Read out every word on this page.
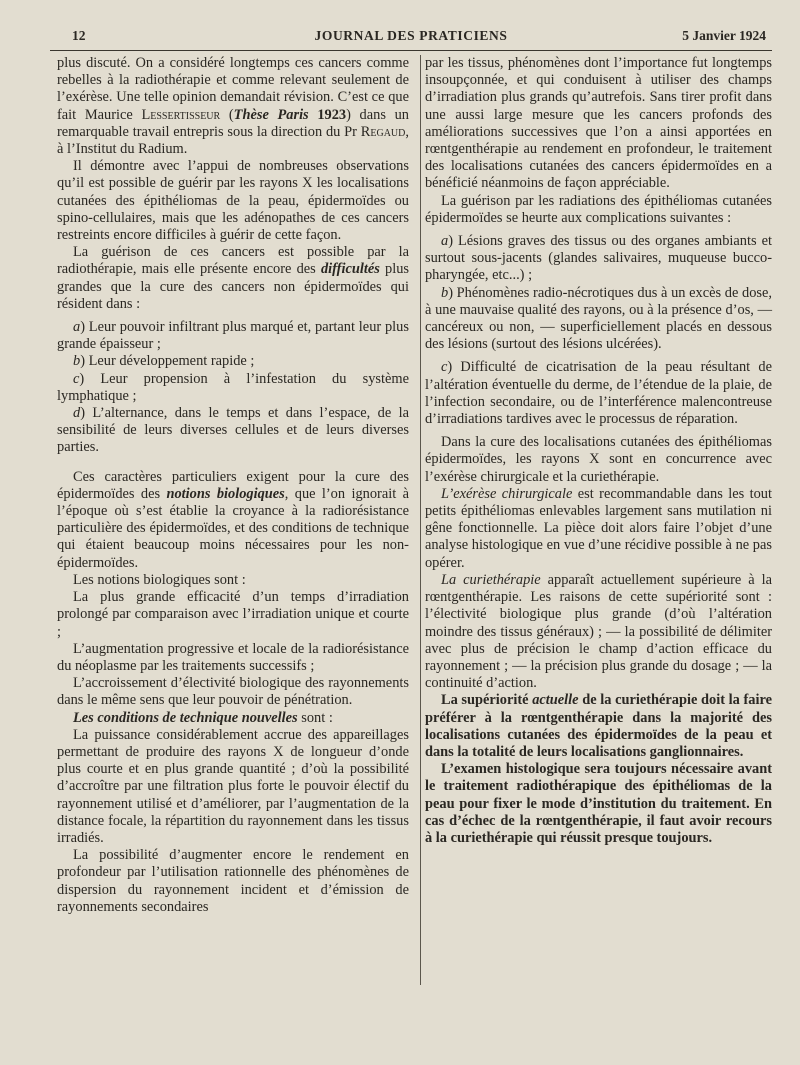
12	JOURNAL DES PRATICIENS	5 Janvier 1924

plus discuté. On a considéré longtemps ces cancers comme rebelles à la radiothérapie et comme relevant seulement de l’exérèse. Une telle opinion demandait révision. C’est ce que fait Maurice Lessertisseur (Thèse Paris 1923) dans un remarquable travail entrepris sous la direction du Pr Regaud, à l’Institut du Radium.

Il démontre avec l’appui de nombreuses observations qu’il est possible de guérir par les rayons X les localisations cutanées des épithéliomas de la peau, épidermoïdes ou spino-cellulaires, mais que les adénopathes de ces cancers restreints encore difficiles à guérir de cette façon.

La guérison de ces cancers est possible par la radiothérapie, mais elle présente encore des difficultés plus grandes que la cure des cancers non épidermoïdes qui résident dans :

a) Leur pouvoir infiltrant plus marqué et, partant leur plus grande épaisseur ;

b) Leur développement rapide ;

c) Leur propension à l’infestation du système lymphatique ;

d) L’alternance, dans le temps et dans l’espace, de la sensibilité de leurs diverses cellules et de leurs diverses parties.

Ces caractères particuliers exigent pour la cure des épidermoïdes des notions biologiques, que l’on ignorait à l’époque où s’est établie la croyance à la radiorésistance particulière des épidermoïdes, et des conditions de technique qui étaient beaucoup moins nécessaires pour les non-épidermoïdes.

Les notions biologiques sont :

La plus grande efficacité d’un temps d’irradiation prolongé par comparaison avec l’irradiation unique et courte ;

L’augmentation progressive et locale de la radiorésistance du néoplasme par les traitements successifs ;

L’accroissement d’électivité biologique des rayonnements dans le même sens que leur pouvoir de pénétration.

Les conditions de technique nouvelles sont :

La puissance considérablement accrue des appareillages permettant de produire des rayons X de longueur d’onde plus courte et en plus grande quantité ; d’où la possibilité d’accroître par une filtration plus forte le pouvoir électif du rayonnement utilisé et d’améliorer, par l’augmentation de la distance focale, la répartition du rayonnement dans les tissus irradiés.

La possibilité d’augmenter encore le rendement en profondeur par l’utilisation rationnelle des phénomènes de dispersion du rayonnement incident et d’émission de rayonnements secondaires

par les tissus, phénomènes dont l’importance fut longtemps insoupçonnée, et qui conduisent à utiliser des champs d’irradiation plus grands qu’autrefois. Sans tirer profit dans une aussi large mesure que les cancers profonds des améliorations successives que l’on a ainsi apportées en rœntgenthérapie au rendement en profondeur, le traitement des localisations cutanées des cancers épidermoïdes en a bénéficié néanmoins de façon appréciable.

La guérison par les radiations des épithéliomas cutanées épidermoïdes se heurte aux complications suivantes :

a) Lésions graves des tissus ou des organes ambiants et surtout sous-jacents (glandes salivaires, muqueuse bucco-pharyngée, etc...) ;

b) Phénomènes radio-nécrotiques dus à un excès de dose, à une mauvaise qualité des rayons, ou à la présence d’os, — cancéreux ou non, — superficiellement placés en dessous des lésions (surtout des lésions ulcérées).

c) Difficulté de cicatrisation de la peau résultant de l’altération éventuelle du derme, de l’étendue de la plaie, de l’infection secondaire, ou de l’interférence malencontreuse d’irradiations tardives avec le processus de réparation.

Dans la cure des localisations cutanées des épithéliomas épidermoïdes, les rayons X sont en concurrence avec l’exérèse chirurgicale et la curiethérapie.

L’exérèse chirurgicale est recommandable dans les tout petits épithéliomas enlevables largement sans mutilation ni gêne fonctionnelle. La pièce doit alors faire l’objet d’une analyse histologique en vue d’une récidive possible à ne pas opérer.

La curiethérapie apparaît actuellement supérieure à la rœntgenthérapie. Les raisons de cette supériorité sont : l’électivité biologique plus grande (d’où l’altération moindre des tissus généraux) ; — la possibilité de délimiter avec plus de précision le champ d’action efficace du rayonnement ; — la précision plus grande du dosage ; — la continuité d’action.

La supériorité actuelle de la curiethérapie doit la faire préférer à la rœntgenthérapie dans la majorité des localisations cutanées des épidermoïdes de la peau et dans la totalité de leurs localisations ganglionnaires.

L’examen histologique sera toujours nécessaire avant le traitement radiothérapique des épithéliomas de la peau pour fixer le mode d’institution du traitement. En cas d’échec de la rœntgenthérapie, il faut avoir recours à la curiethérapie qui réussit presque toujours.
